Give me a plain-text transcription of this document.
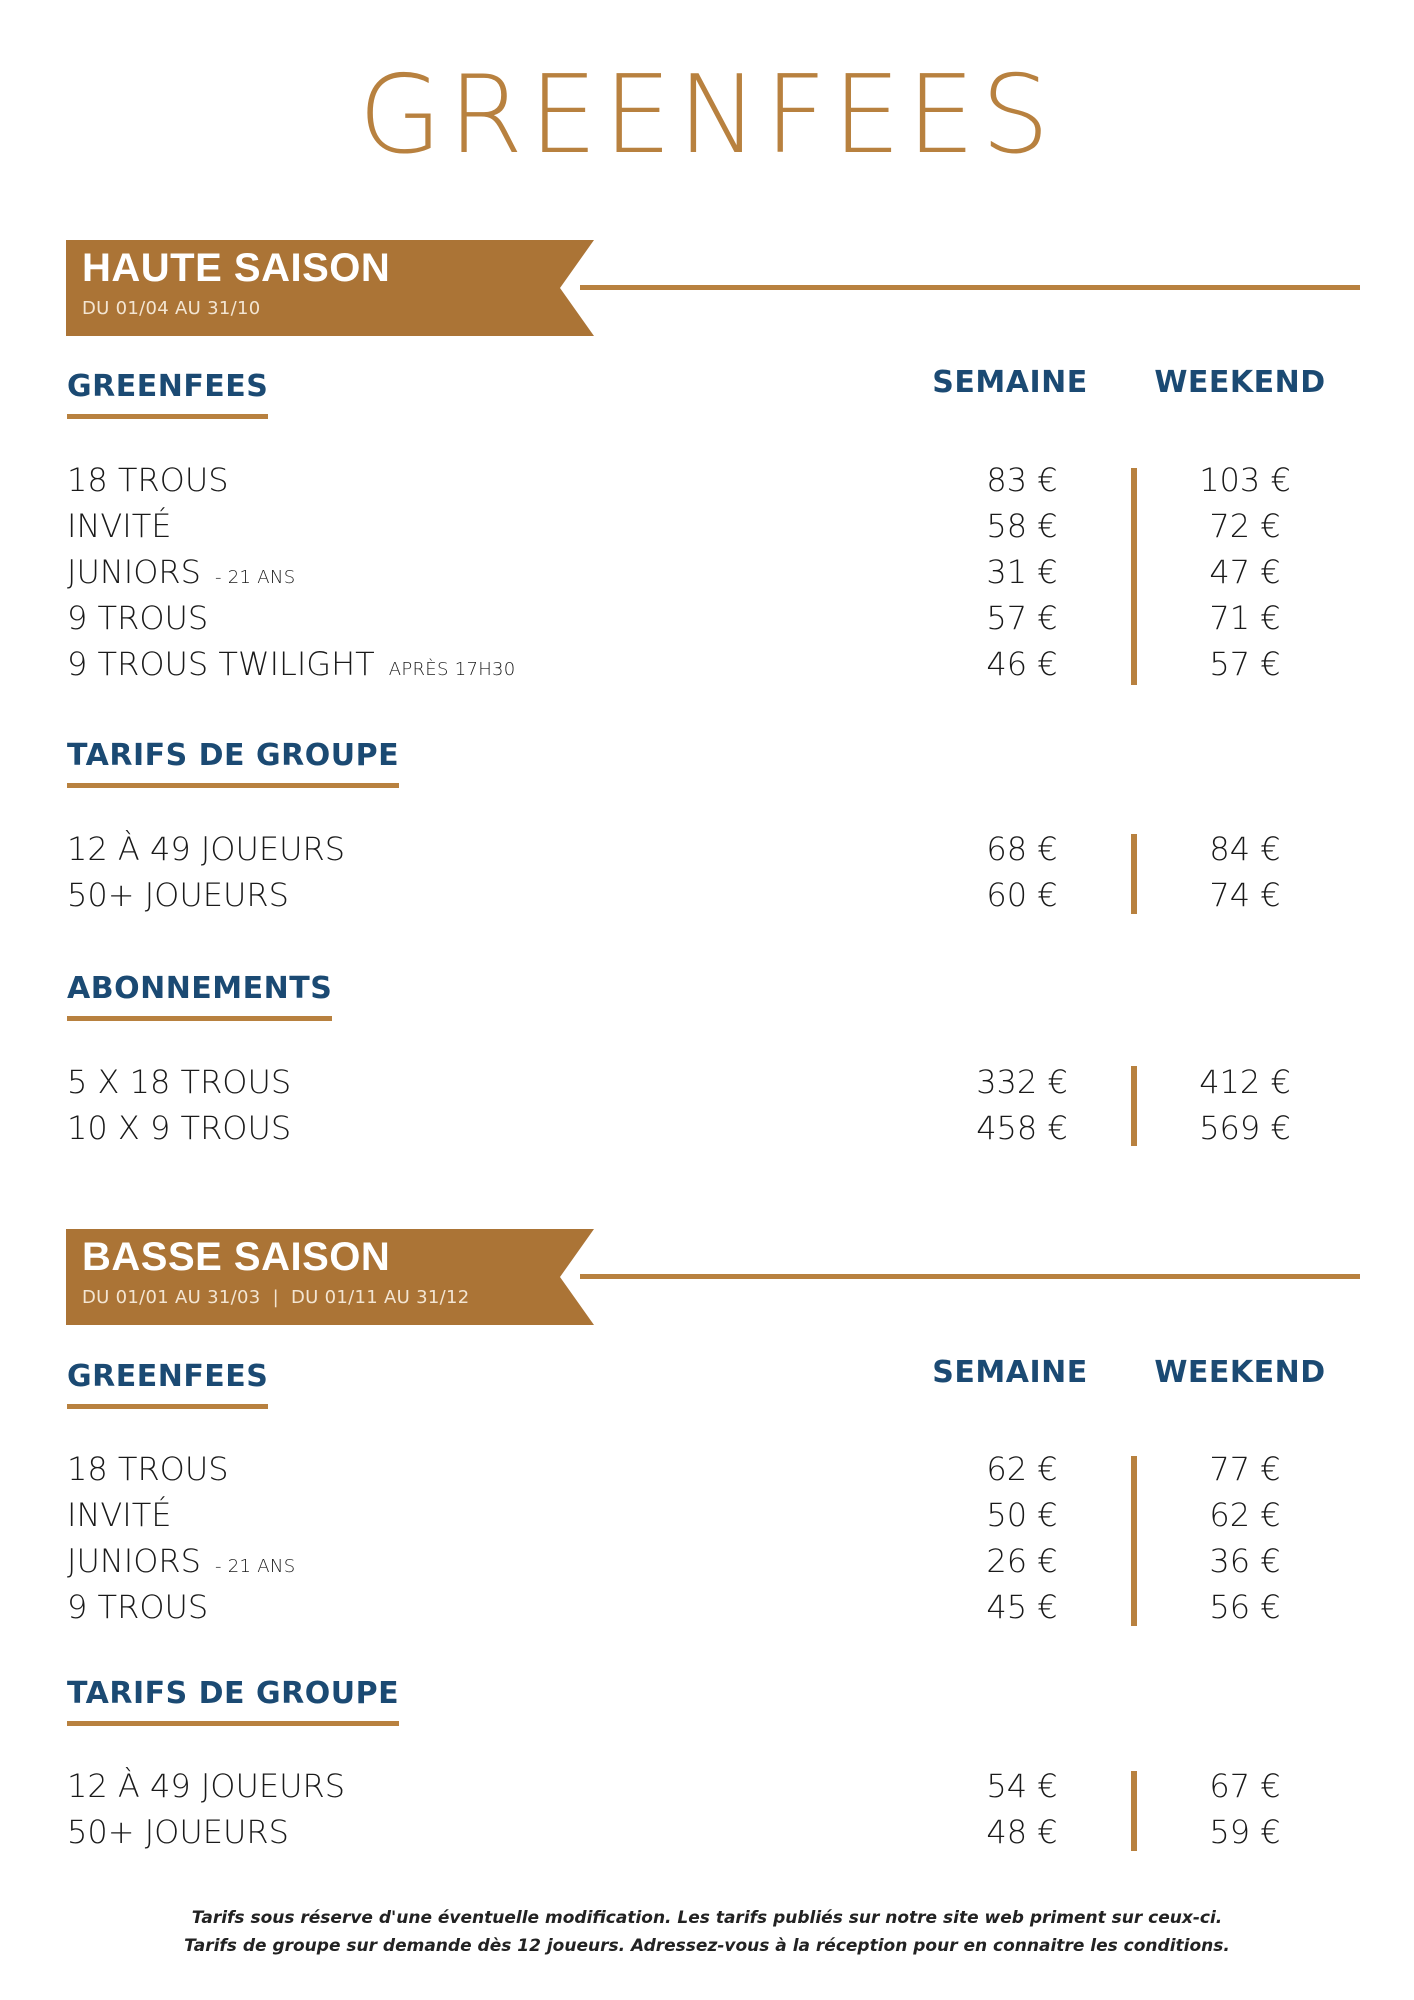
GREENFEES
HAUTE SAISON
DU 01/04 AU 31/10
SEMAINE	WEEKEND
GREENFEES
18 TROUS	83 €	103 €
INVITÉ	58 €	72 €
JUNIORS - 21 ANS	31 €	47 €
9 TROUS	57 €	71 €
9 TROUS TWILIGHT APRÈS 17H30	46 €	57 €
TARIFS DE GROUPE
12 À 49 JOUEURS	68 €	84 €
50+ JOUEURS	60 €	74 €
ABONNEMENTS
5 X 18 TROUS	332 €	412 €
10 X 9 TROUS	458 €	569 €
BASSE SAISON
DU 01/01 AU 31/03  |  DU 01/11 AU 31/12
SEMAINE	WEEKEND
GREENFEES
18 TROUS	62 €	77 €
INVITÉ	50 €	62 €
JUNIORS - 21 ANS	26 €	36 €
9 TROUS	45 €	56 €
TARIFS DE GROUPE
12 À 49 JOUEURS	54 €	67 €
50+ JOUEURS	48 €	59 €
Tarifs sous réserve d'une éventuelle modification. Les tarifs publiés sur notre site web priment sur ceux-ci.
Tarifs de groupe sur demande dès 12 joueurs. Adressez-vous à la réception pour en connaitre les conditions.
